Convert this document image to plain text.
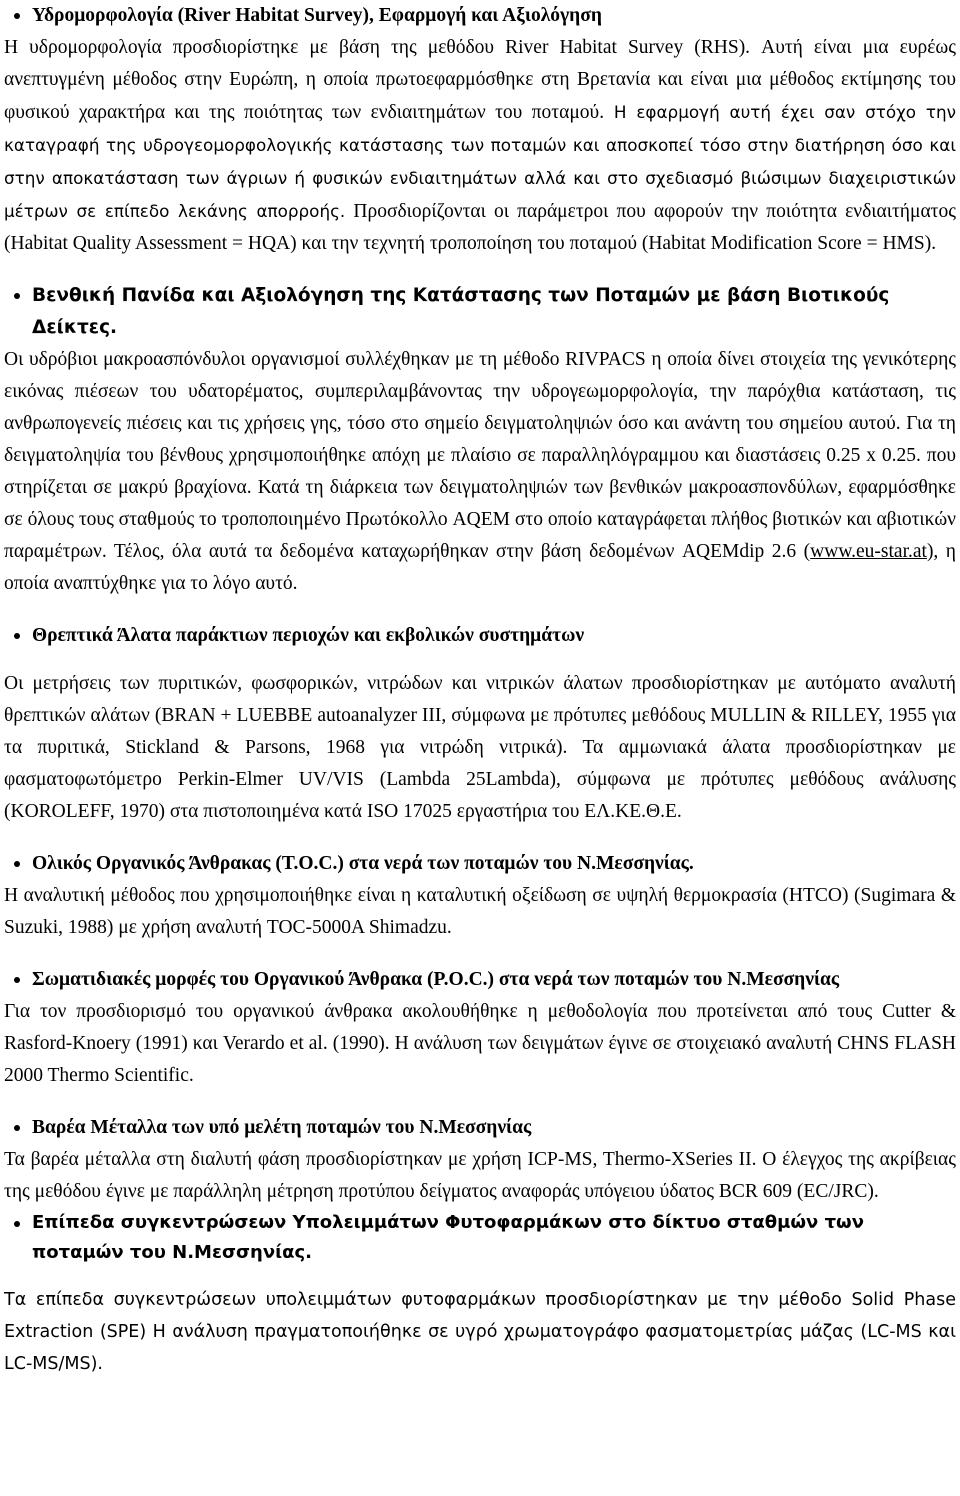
Υδρομορφολογία (River Habitat Survey), Εφαρμογή και Αξιολόγηση

Η υδρομορφολογία προσδιορίστηκε με βάση της μεθόδου River Habitat Survey (RHS). Αυτή είναι μια ευρέως ανεπτυγμένη μέθοδος στην Ευρώπη, η οποία πρωτοεφαρμόσθηκε στη Βρετανία και είναι μια μέθοδος εκτίμησης του φυσικού χαρακτήρα και της ποιότητας των ενδιαιτημάτων του ποταμού. Η εφαρμογή αυτή έχει σαν στόχο την καταγραφή της υδρογεομορφολογικής κατάστασης των ποταμών και αποσκοπεί τόσο στην διατήρηση όσο και στην αποκατάσταση των άγριων ή φυσικών ενδιαιτημάτων αλλά και στο σχεδιασμό βιώσιμων διαχειριστικών μέτρων σε επίπεδο λεκάνης απορροής. Προσδιορίζονται οι παράμετροι που αφορούν την ποιότητα ενδιαιτήματος (Habitat Quality Assessment = HQA) και την τεχνητή τροποποίηση του ποταμού (Habitat Modification Score = HMS).

Βενθική Πανίδα και Αξιολόγηση της Κατάστασης των Ποταμών με βάση Βιοτικούς Δείκτες.

Οι υδρόβιοι μακροασπόνδυλοι οργανισμοί συλλέχθηκαν με τη μέθοδο RIVPACS η οποία δίνει στοιχεία της γενικότερης εικόνας πιέσεων του υδατορέματος, συμπεριλαμβάνοντας την υδρογεωμορφολογία, την παρόχθια κατάσταση, τις ανθρωπογενείς πιέσεις και τις χρήσεις γης, τόσο στο σημείο δειγματοληψιών όσο και ανάντη του σημείου αυτού. Για τη δειγματοληψία του βένθους χρησιμοποιήθηκε απόχη με πλαίσιο σε παραλληλόγραμμου και διαστάσεις 0.25 x 0.25. που στηρίζεται σε μακρύ βραχίονα. Κατά τη διάρκεια των δειγματοληψιών των βενθικών μακροασπονδύλων, εφαρμόσθηκε σε όλους τους σταθμούς το τροποποιημένο Πρωτόκολλο AQEM στο οποίο καταγράφεται πλήθος βιοτικών και αβιοτικών παραμέτρων. Τέλος, όλα αυτά τα δεδομένα καταχωρήθηκαν στην βάση δεδομένων AQEMdip 2.6 (www.eu-star.at), η οποία αναπτύχθηκε για το λόγο αυτό.

Θρεπτικά Άλατα παράκτιων περιοχών και εκβολικών συστημάτων

Οι μετρήσεις των πυριτικών, φωσφορικών, νιτρώδων και νιτρικών άλατων προσδιορίστηκαν με αυτόματο αναλυτή θρεπτικών αλάτων (BRAN + LUEBBE autoanalyzer III, σύμφωνα με πρότυπες μεθόδους MULLIN & RILLEY, 1955 για τα πυριτικά, Stickland & Parsons, 1968 για νιτρώδη νιτρικά). Τα αμμωνιακά άλατα προσδιορίστηκαν με φασματοφωτόμετρο Perkin-Elmer UV/VIS (Lambda 25Lambda), σύμφωνα με πρότυπες μεθόδους ανάλυσης (KOROLEFF, 1970) στα πιστοποιημένα κατά ISO 17025 εργαστήρια του ΕΛ.ΚΕ.Θ.Ε.

Ολικός Οργανικός Άνθρακας (Τ.Ο.C.) στα νερά των ποταμών του Ν.Μεσσηνίας.

Η αναλυτική μέθοδος που χρησιμοποιήθηκε είναι η καταλυτική οξείδωση σε υψηλή θερμοκρασία (HTCO) (Sugimara & Suzuki, 1988) με χρήση αναλυτή TOC-5000A Shimadzu.

Σωματιδιακές μορφές του Οργανικού Άνθρακα (Ρ.Ο.C.) στα νερά των ποταμών του Ν.Μεσσηνίας

Για τον προσδιορισμό του οργανικού άνθρακα ακολουθήθηκε η μεθοδολογία που προτείνεται από τους Cutter & Rasford-Knoery (1991) και Verardo et al. (1990). Η ανάλυση των δειγμάτων έγινε σε στοιχειακό αναλυτή CHNS FLASH 2000 Thermo Scientific.

Βαρέα Μέταλλα των υπό μελέτη ποταμών του Ν.Μεσσηνίας

Τα βαρέα μέταλλα στη διαλυτή φάση προσδιορίστηκαν με χρήση ICP-MS, Thermo-XSeries II. Ο έλεγχος της ακρίβειας της μεθόδου έγινε με παράλληλη μέτρηση προτύπου δείγματος αναφοράς υπόγειου ύδατος BCR 609 (EC/JRC).

Επίπεδα συγκεντρώσεων Υπολειμμάτων Φυτοφαρμάκων στο δίκτυο σταθμών των ποταμών του Ν.Μεσσηνίας.

Τα επίπεδα συγκεντρώσεων υπολειμμάτων φυτοφαρμάκων προσδιορίστηκαν με την μέθοδο Solid Phase Extraction (SPE) Η ανάλυση πραγματοποιήθηκε σε υγρό χρωματογράφο φασματομετρίας μάζας (LC-MS και LC-MS/MS).
